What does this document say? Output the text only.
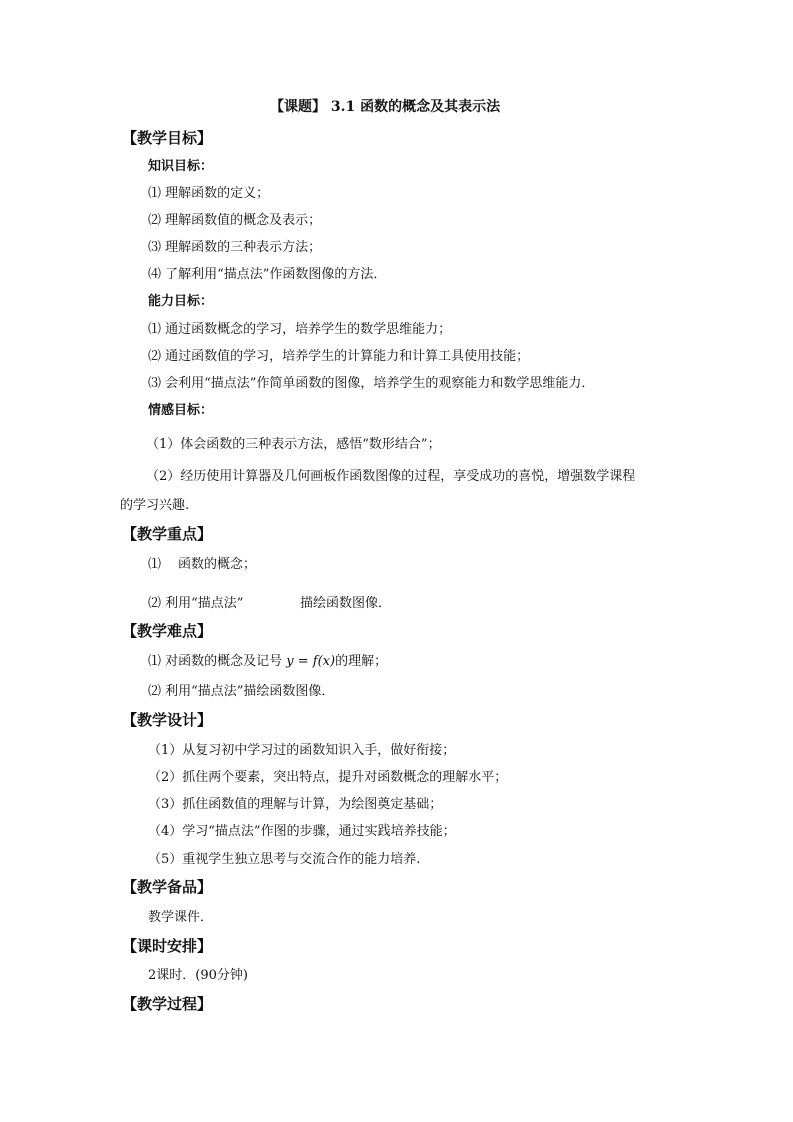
【课题】 3.1 函数的概念及其表示法
【教学目标】
知识目标：
⑴ 理解函数的定义；
⑵ 理解函数值的概念及表示；
⑶ 理解函数的三种表示方法；
⑷ 了解利用“描点法”作函数图像的方法．
能力目标：
⑴ 通过函数概念的学习，培养学生的数学思维能力；
⑵ 通过函数值的学习，培养学生的计算能力和计算工具使用技能；
⑶ 会利用“描点法”作简单函数的图像，培养学生的观察能力和数学思维能力．
情感目标：
（1）体会函数的三种表示方法，感悟“数形结合”；
（2）经历使用计算器及几何画板作函数图像的过程，享受成功的喜悦，增强数学课程
的学习兴趣.
【教学重点】
⑴ 函数的概念；
⑵ 利用“描点法”	描绘函数图像．
【教学难点】
⑴ 对函数的概念及记号 y = f(x)的理解；
⑵ 利用“描点法”描绘函数图像．
【教学设计】
（1）从复习初中学习过的函数知识入手，做好衔接；
（2）抓住两个要素，突出特点，提升对函数概念的理解水平；
（3）抓住函数值的理解与计算，为绘图奠定基础；
（4）学习“描点法”作图的步骤，通过实践培养技能；
（5）重视学生独立思考与交流合作的能力培养.
【教学备品】
教学课件．
【课时安排】
2课时．(90分钟)
【教学过程】
